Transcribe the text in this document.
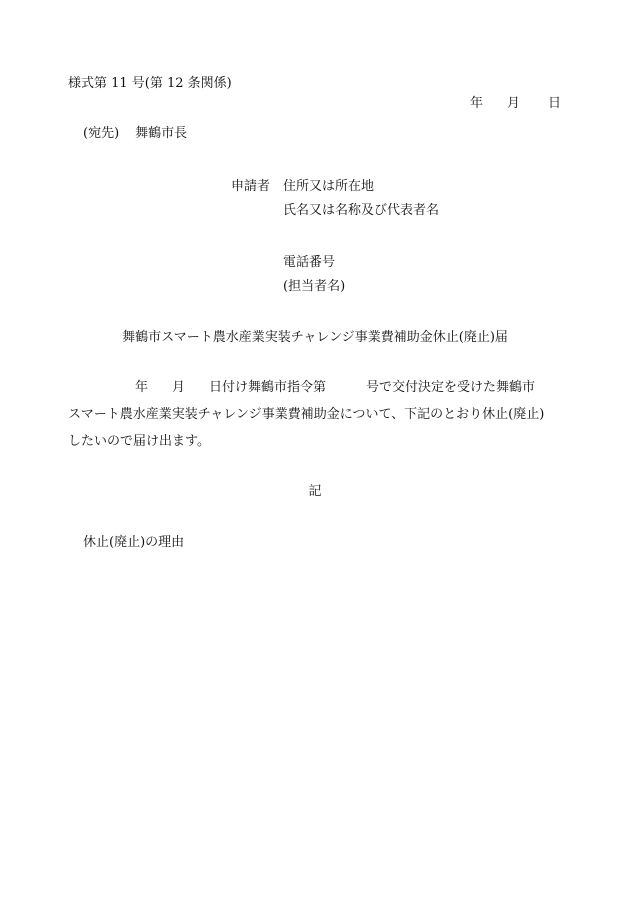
様式第 11 号(第 12 条関係)
年 月 日
(宛先) 舞鶴市長
申請者 住所又は所在地
氏名又は名称及び代表者名
電話番号
(担当者名)
舞鶴市スマート農水産業実装チャレンジ事業費補助金休止(廃止)届
年 月 日付け舞鶴市指令第	号で交付決定を受けた舞鶴市
スマート農水産業実装チャレンジ事業費補助金について、下記のとおり休止(廃止)
したいので届け出ます。
記
休止(廃止)の理由
